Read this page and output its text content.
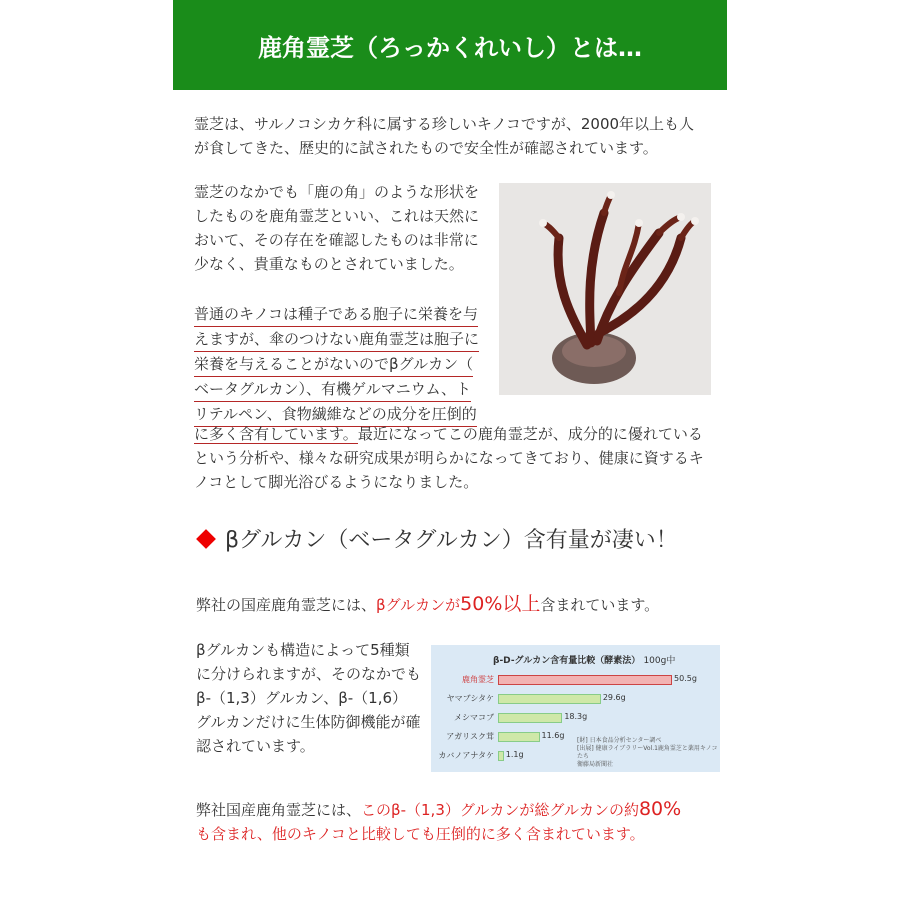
鹿角霊芝（ろっかくれいし）とは…
霊芝は、サルノコシカケ科に属する珍しいキノコですが、2000年以上も人
が食してきた、歴史的に試されたもので安全性が確認されています。
霊芝のなかでも「鹿の角」のような形状を
したものを鹿角霊芝といい、これは天然に
おいて、その存在を確認したものは非常に
少なく、貴重なものとされていました。
普通のキノコは種子である胞子に栄養を与
えますが、傘のつけない鹿角霊芝は胞子に
栄養を与えることがないのでβグルカン（
ベータグルカン）、有機ゲルマニウム、ト
リテルペン、食物繊維などの成分を圧倒的
に多く含有しています。最近になってこの鹿角霊芝が、成分的に優れている
という分析や、様々な研究成果が明らかになってきており、健康に資するキ
ノコとして脚光浴びるようになりました。
βグルカン（ベータグルカン）含有量が凄い！
弊社の国産鹿角霊芝には、βグルカンが50%以上含まれています。
βグルカンも構造によって5種類
に分けられますが、そのなかでも
β-（1,3）グルカン、β-（1,6）
グルカンだけに生体防御機能が確
認されています。
β-D-グルカン含有量比較（酵素法） 100g中
[財] 日本食品分析センター調べ
[出展] 健康ライブラリーVol.1鹿角霊芝と薬用キノコたち
衛藤局新聞社
鹿角霊芝	50.5g
ヤマブシタケ	29.6g
メシマコブ	18.3g
アガリスク茸	11.6g
カバノアナタケ 1.1g
弊社国産鹿角霊芝には、このβ-（1,3）グルカンが総グルカンの約80%
も含まれ、他のキノコと比較しても圧倒的に多く含まれています。
